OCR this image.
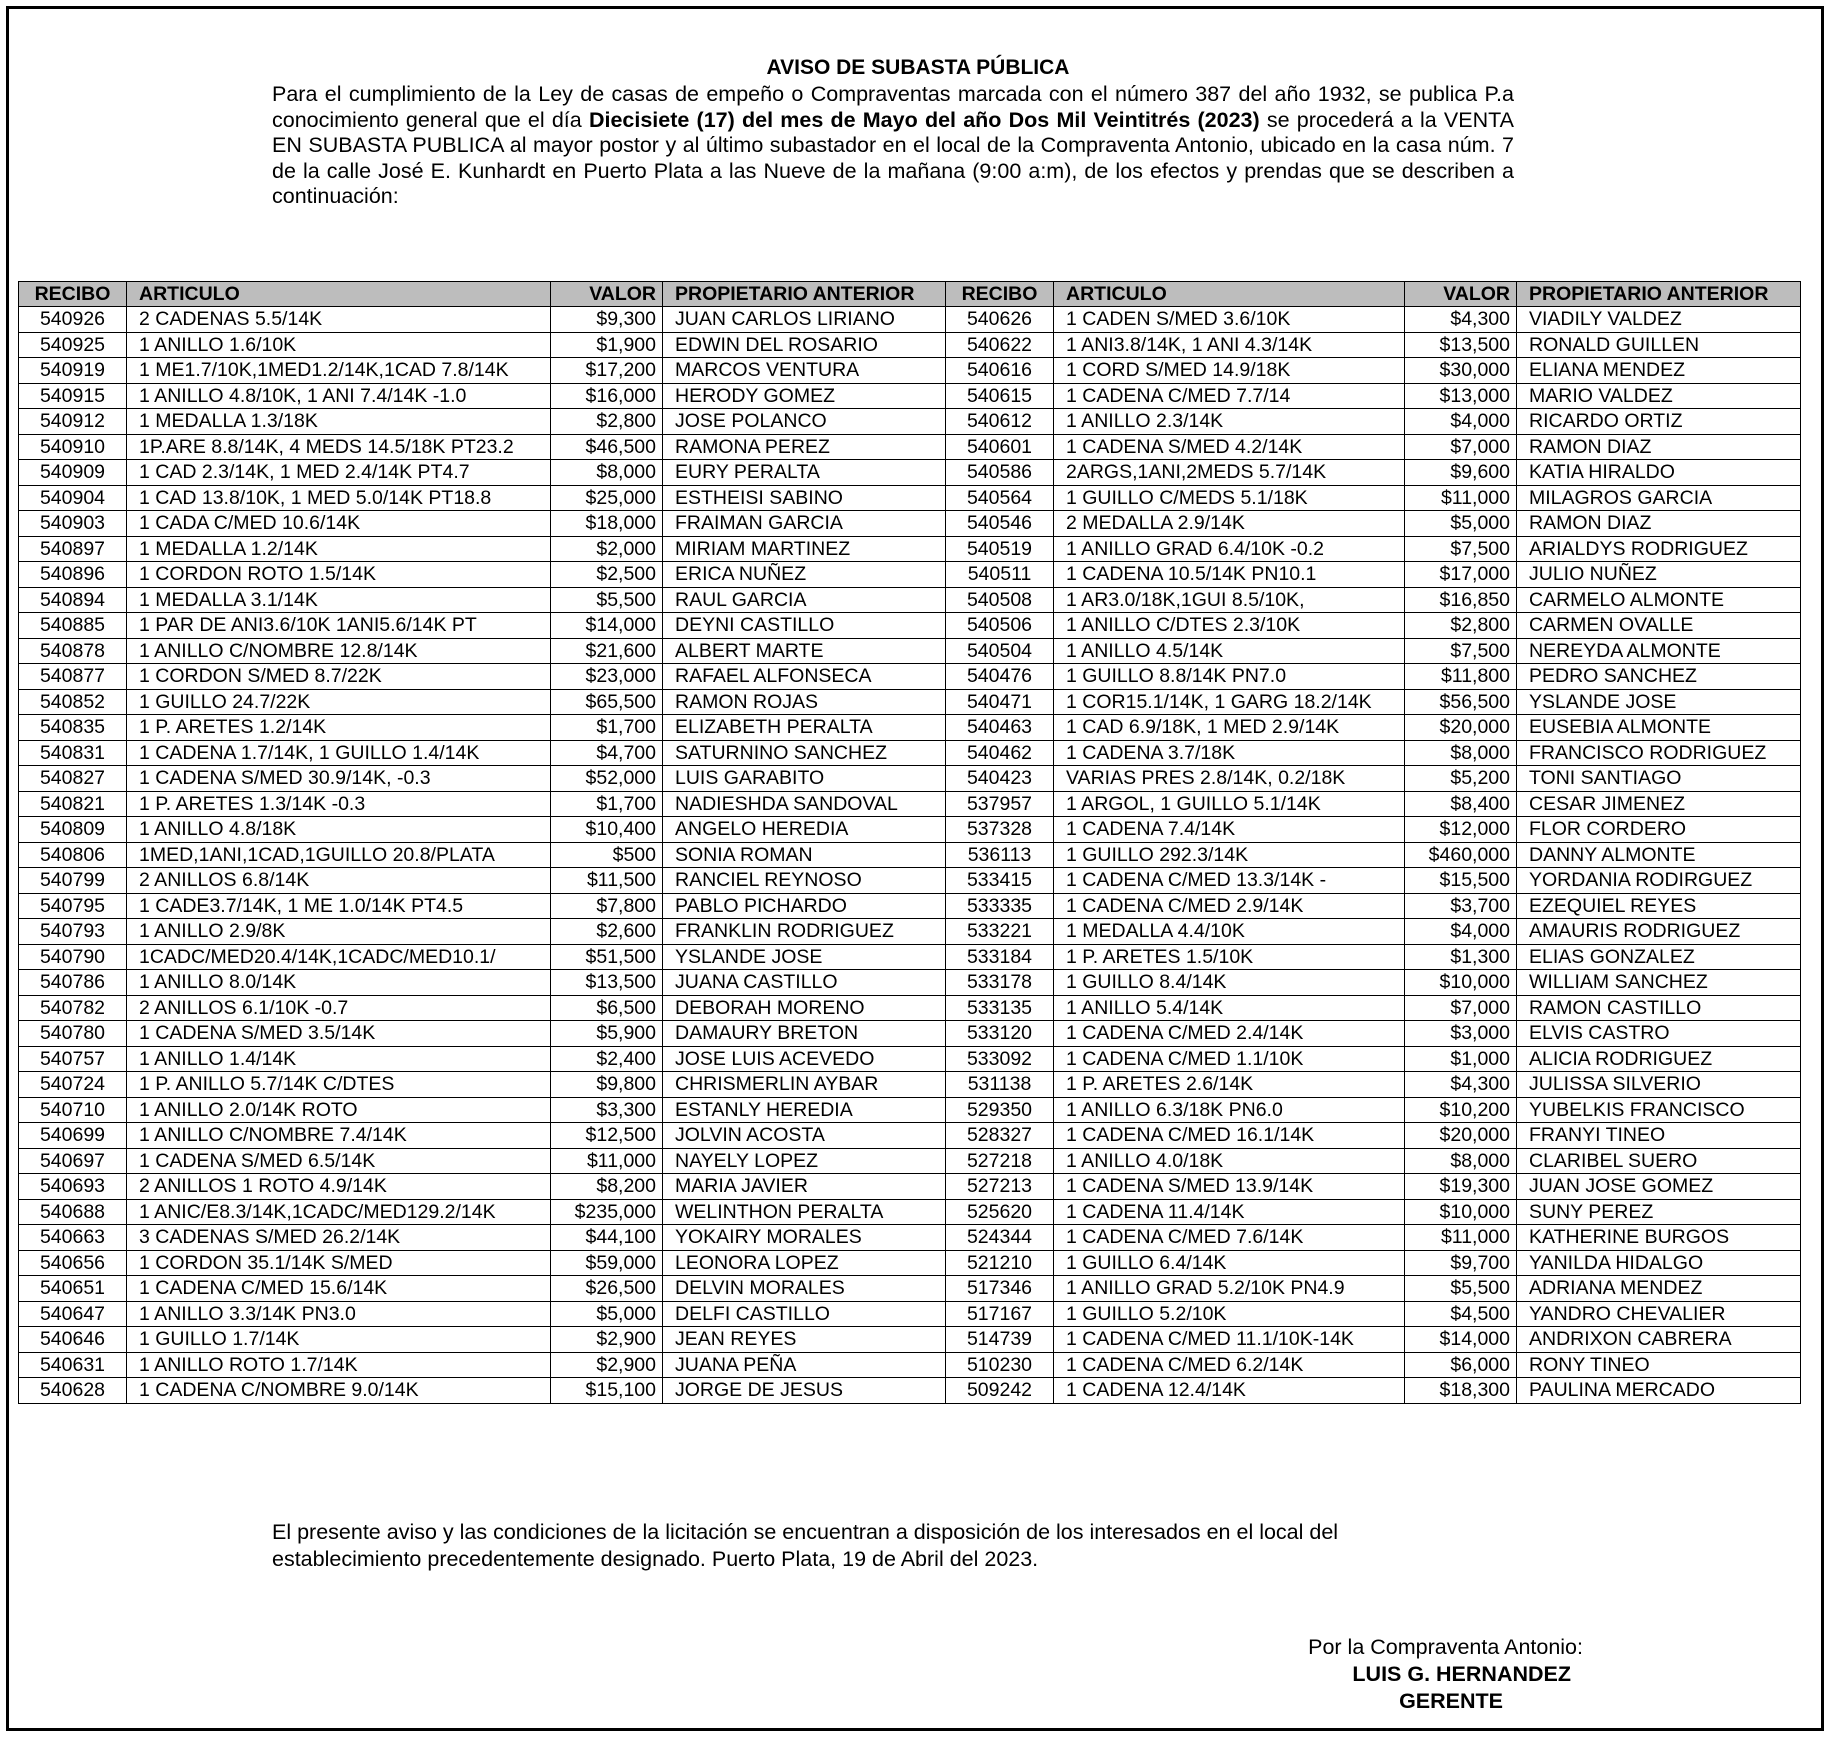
AVISO DE SUBASTA PÚBLICA
Para el cumplimiento de la Ley de casas de empeño o Compraventas marcada con el número 387 del año 1932, se publica P.a conocimiento general que el día Diecisiete (17) del mes de Mayo del año Dos Mil Veintitrés (2023) se procederá a la VENTA EN SUBASTA PUBLICA al mayor postor y al último subastador en el local de la Compraventa Antonio, ubicado en la casa núm. 7 de la calle José E. Kunhardt en Puerto Plata a las Nueve de la mañana (9:00 a:m), de los efectos y prendas que se describen a continuación:
RECIBO	ARTICULO	VALOR	PROPIETARIO ANTERIOR	RECIBO	ARTICULO	VALOR	PROPIETARIO ANTERIOR
540926	2 CADENAS 5.5/14K	$9,300	JUAN CARLOS LIRIANO	540626	1 CADEN S/MED 3.6/10K	$4,300	VIADILY VALDEZ
540925	1 ANILLO 1.6/10K	$1,900	EDWIN DEL ROSARIO	540622	1 ANI3.8/14K, 1 ANI 4.3/14K	$13,500	RONALD GUILLEN
540919	1 ME1.7/10K,1MED1.2/14K,1CAD 7.8/14K	$17,200	MARCOS VENTURA	540616	1 CORD S/MED 14.9/18K	$30,000	ELIANA MENDEZ
540915	1 ANILLO 4.8/10K, 1 ANI 7.4/14K -1.0	$16,000	HERODY GOMEZ	540615	1 CADENA C/MED 7.7/14	$13,000	MARIO VALDEZ
540912	1 MEDALLA 1.3/18K	$2,800	JOSE POLANCO	540612	1 ANILLO 2.3/14K	$4,000	RICARDO ORTIZ
540910	1P.ARE 8.8/14K, 4 MEDS 14.5/18K PT23.2	$46,500	RAMONA PEREZ	540601	1 CADENA S/MED 4.2/14K	$7,000	RAMON DIAZ
540909	1 CAD 2.3/14K, 1 MED 2.4/14K PT4.7	$8,000	EURY PERALTA	540586	2ARGS,1ANI,2MEDS 5.7/14K	$9,600	KATIA HIRALDO
540904	1 CAD 13.8/10K, 1 MED 5.0/14K PT18.8	$25,000	ESTHEISI SABINO	540564	1 GUILLO C/MEDS 5.1/18K	$11,000	MILAGROS GARCIA
540903	1 CADA C/MED 10.6/14K	$18,000	FRAIMAN GARCIA	540546	2 MEDALLA 2.9/14K	$5,000	RAMON DIAZ
540897	1 MEDALLA 1.2/14K	$2,000	MIRIAM MARTINEZ	540519	1 ANILLO GRAD 6.4/10K -0.2	$7,500	ARIALDYS RODRIGUEZ
540896	1 CORDON ROTO 1.5/14K	$2,500	ERICA NUÑEZ	540511	1 CADENA 10.5/14K PN10.1	$17,000	JULIO NUÑEZ
540894	1 MEDALLA 3.1/14K	$5,500	RAUL GARCIA	540508	1 AR3.0/18K,1GUI 8.5/10K,	$16,850	CARMELO ALMONTE
540885	1 PAR DE ANI3.6/10K 1ANI5.6/14K PT	$14,000	DEYNI CASTILLO	540506	1 ANILLO C/DTES 2.3/10K	$2,800	CARMEN OVALLE
540878	1 ANILLO C/NOMBRE 12.8/14K	$21,600	ALBERT MARTE	540504	1 ANILLO 4.5/14K	$7,500	NEREYDA ALMONTE
540877	1 CORDON S/MED 8.7/22K	$23,000	RAFAEL ALFONSECA	540476	1 GUILLO 8.8/14K PN7.0	$11,800	PEDRO SANCHEZ
540852	1 GUILLO 24.7/22K	$65,500	RAMON ROJAS	540471	1 COR15.1/14K, 1 GARG 18.2/14K	$56,500	YSLANDE JOSE
540835	1 P. ARETES 1.2/14K	$1,700	ELIZABETH PERALTA	540463	1 CAD 6.9/18K, 1 MED 2.9/14K	$20,000	EUSEBIA ALMONTE
540831	1 CADENA 1.7/14K, 1 GUILLO 1.4/14K	$4,700	SATURNINO SANCHEZ	540462	1 CADENA 3.7/18K	$8,000	FRANCISCO RODRIGUEZ
540827	1 CADENA S/MED 30.9/14K, -0.3	$52,000	LUIS GARABITO	540423	VARIAS PRES 2.8/14K, 0.2/18K	$5,200	TONI SANTIAGO
540821	1 P. ARETES 1.3/14K -0.3	$1,700	NADIESHDA SANDOVAL	537957	1 ARGOL, 1 GUILLO 5.1/14K	$8,400	CESAR JIMENEZ
540809	1 ANILLO 4.8/18K	$10,400	ANGELO HEREDIA	537328	1 CADENA 7.4/14K	$12,000	FLOR CORDERO
540806	1MED,1ANI,1CAD,1GUILLO 20.8/PLATA	$500	SONIA ROMAN	536113	1 GUILLO 292.3/14K	$460,000	DANNY ALMONTE
540799	2 ANILLOS 6.8/14K	$11,500	RANCIEL REYNOSO	533415	1 CADENA C/MED 13.3/14K -	$15,500	YORDANIA RODIRGUEZ
540795	1 CADE3.7/14K, 1 ME 1.0/14K PT4.5	$7,800	PABLO PICHARDO	533335	1 CADENA C/MED 2.9/14K	$3,700	EZEQUIEL REYES
540793	1 ANILLO 2.9/8K	$2,600	FRANKLIN RODRIGUEZ	533221	1 MEDALLA 4.4/10K	$4,000	AMAURIS RODRIGUEZ
540790	1CADC/MED20.4/14K,1CADC/MED10.1/	$51,500	YSLANDE JOSE	533184	1 P. ARETES 1.5/10K	$1,300	ELIAS GONZALEZ
540786	1 ANILLO 8.0/14K	$13,500	JUANA CASTILLO	533178	1 GUILLO 8.4/14K	$10,000	WILLIAM SANCHEZ
540782	2 ANILLOS 6.1/10K -0.7	$6,500	DEBORAH MORENO	533135	1 ANILLO 5.4/14K	$7,000	RAMON CASTILLO
540780	1 CADENA S/MED 3.5/14K	$5,900	DAMAURY BRETON	533120	1 CADENA C/MED 2.4/14K	$3,000	ELVIS CASTRO
540757	1 ANILLO 1.4/14K	$2,400	JOSE LUIS ACEVEDO	533092	1 CADENA C/MED 1.1/10K	$1,000	ALICIA RODRIGUEZ
540724	1 P. ANILLO 5.7/14K C/DTES	$9,800	CHRISMERLIN AYBAR	531138	1 P. ARETES 2.6/14K	$4,300	JULISSA SILVERIO
540710	1 ANILLO 2.0/14K ROTO	$3,300	ESTANLY HEREDIA	529350	1 ANILLO 6.3/18K PN6.0	$10,200	YUBELKIS FRANCISCO
540699	1 ANILLO C/NOMBRE 7.4/14K	$12,500	JOLVIN ACOSTA	528327	1 CADENA C/MED 16.1/14K	$20,000	FRANYI TINEO
540697	1 CADENA S/MED 6.5/14K	$11,000	NAYELY LOPEZ	527218	1 ANILLO 4.0/18K	$8,000	CLARIBEL SUERO
540693	2 ANILLOS 1 ROTO 4.9/14K	$8,200	MARIA JAVIER	527213	1 CADENA S/MED 13.9/14K	$19,300	JUAN JOSE GOMEZ
540688	1 ANIC/E8.3/14K,1CADC/MED129.2/14K	$235,000	WELINTHON PERALTA	525620	1 CADENA 11.4/14K	$10,000	SUNY PEREZ
540663	3 CADENAS S/MED 26.2/14K	$44,100	YOKAIRY MORALES	524344	1 CADENA C/MED 7.6/14K	$11,000	KATHERINE BURGOS
540656	1 CORDON 35.1/14K S/MED	$59,000	LEONORA LOPEZ	521210	1 GUILLO 6.4/14K	$9,700	YANILDA HIDALGO
540651	1 CADENA C/MED 15.6/14K	$26,500	DELVIN MORALES	517346	1 ANILLO GRAD 5.2/10K PN4.9	$5,500	ADRIANA MENDEZ
540647	1 ANILLO 3.3/14K PN3.0	$5,000	DELFI CASTILLO	517167	1 GUILLO 5.2/10K	$4,500	YANDRO CHEVALIER
540646	1 GUILLO 1.7/14K	$2,900	JEAN REYES	514739	1 CADENA C/MED 11.1/10K-14K	$14,000	ANDRIXON CABRERA
540631	1 ANILLO ROTO 1.7/14K	$2,900	JUANA PEÑA	510230	1 CADENA C/MED 6.2/14K	$6,000	RONY TINEO
540628	1 CADENA C/NOMBRE 9.0/14K	$15,100	JORGE DE JESUS	509242	1 CADENA 12.4/14K	$18,300	PAULINA MERCADO
El presente aviso y las condiciones de la licitación se encuentran a disposición de los interesados en el local del
establecimiento precedentemente designado. Puerto Plata, 19 de Abril del 2023.
Por la Compraventa Antonio:
LUIS G. HERNANDEZ
GERENTE
